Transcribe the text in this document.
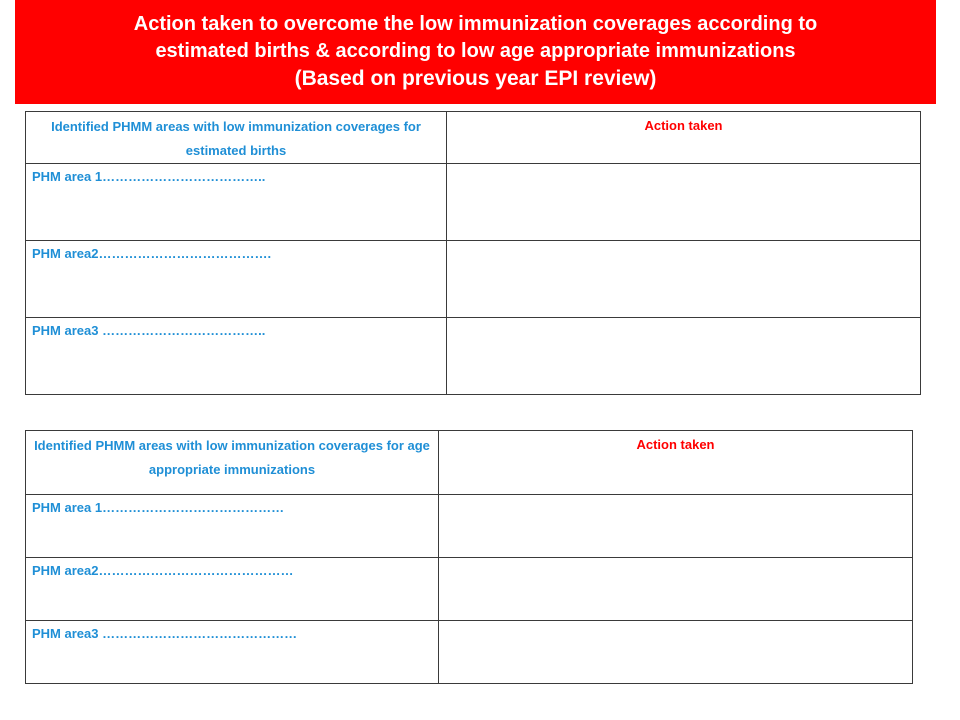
Action taken to overcome the low immunization coverages according to
estimated births & according to low age appropriate immunizations
(Based on previous year EPI review)
Identified PHMM areas with low immunization coverages for estimated births	Action taken
PHM area 1………………………………..	
PHM area2………………………………….	
PHM area3 ………………………………..	
Identified PHMM areas with low immunization coverages for age appropriate immunizations	Action taken
PHM area 1……………………………………	
PHM area2………………………………………	
PHM area3 ………………………………………	
